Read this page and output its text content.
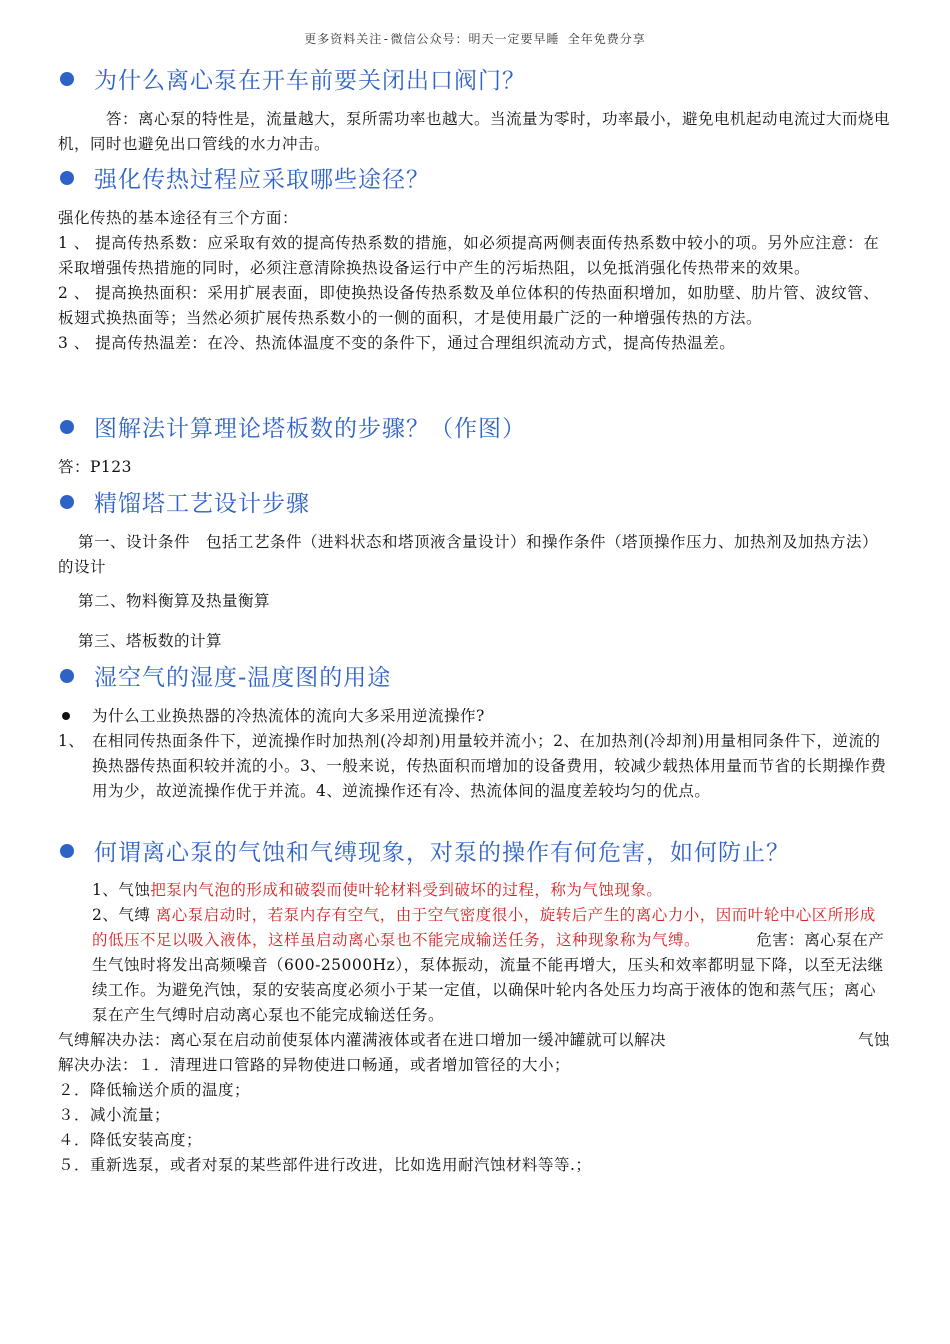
更多资料关注-微信公众号：明天一定要早睡 全年免费分享
为什么离心泵在开车前要关闭出口阀门？

答：离心泵的特性是，流量越大，泵所需功率也越大。当流量为零时，功率最小，避免电机起动电流过大而烧电机，同时也避免出口管线的水力冲击。

强化传热过程应采取哪些途径？

强化传热的基本途径有三个方面：

1 、 提高传热系数：应采取有效的提高传热系数的措施，如必须提高两侧表面传热系数中较小的项。另外应注意：在采取增强传热措施的同时，必须注意清除换热设备运行中产生的污垢热阻，以免抵消强化传热带来的效果。

2 、 提高换热面积：采用扩展表面，即使换热设备传热系数及单位体积的传热面积增加，如肋壁、肋片管、波纹管、板翅式换热面等；当然必须扩展传热系数小的一侧的面积，才是使用最广泛的一种增强传热的方法。

3 、 提高传热温差：在冷、热流体温度不变的条件下，通过合理组织流动方式，提高传热温差。

图解法计算理论塔板数的步骤？（作图）

答：P123

精馏塔工艺设计步骤

第一、设计条件　包括工艺条件（进料状态和塔顶液含量设计）和操作条件（塔顶操作压力、加热剂及加热方法）的设计

第二、物料衡算及热量衡算

第三、塔板数的计算

湿空气的湿度-温度图的用途
为什么工业换热器的冷热流体的流向大多采用逆流操作?
1、 在相同传热面条件下，逆流操作时加热剂(冷却剂)用量较并流小；2、在加热剂(冷却剂)用量相同条件下，逆流的换热器传热面积较并流的小。3、一般来说，传热面积而增加的设备费用，较减少载热体用量而节省的长期操作费用为少，故逆流操作优于并流。4、逆流操作还有冷、热流体间的温度差较均匀的优点。
何谓离心泵的气蚀和气缚现象，对泵的操作有何危害，如何防止？

1、气蚀把泵内气泡的形成和破裂而使叶轮材料受到破坏的过程，称为气蚀现象。

2、气缚 离心泵启动时，若泵内存有空气，由于空气密度很小，旋转后产生的离心力小，因而叶轮中心区所形成的低压不足以吸入液体，这样虽启动离心泵也不能完成输送任务，这种现象称为气缚。　　　　危害：离心泵在产生气蚀时将发出高频噪音（600-25000Hz），泵体振动，流量不能再增大，压头和效率都明显下降，以至无法继续工作。为避免汽蚀，泵的安装高度必须小于某一定值，以确保叶轮内各处压力均高于液体的饱和蒸气压；离心泵在产生气缚时启动离心泵也不能完成输送任务。

气缚解决办法：离心泵在启动前使泵体内灌满液体或者在进口增加一缓冲罐就可以解决	气蚀

解决办法：１．清理进口管路的异物使进口畅通，或者增加管径的大小；

２．降低输送介质的温度；

３．减小流量；

４．降低安装高度；

５．重新选泵，或者对泵的某些部件进行改进，比如选用耐汽蚀材料等等.；
